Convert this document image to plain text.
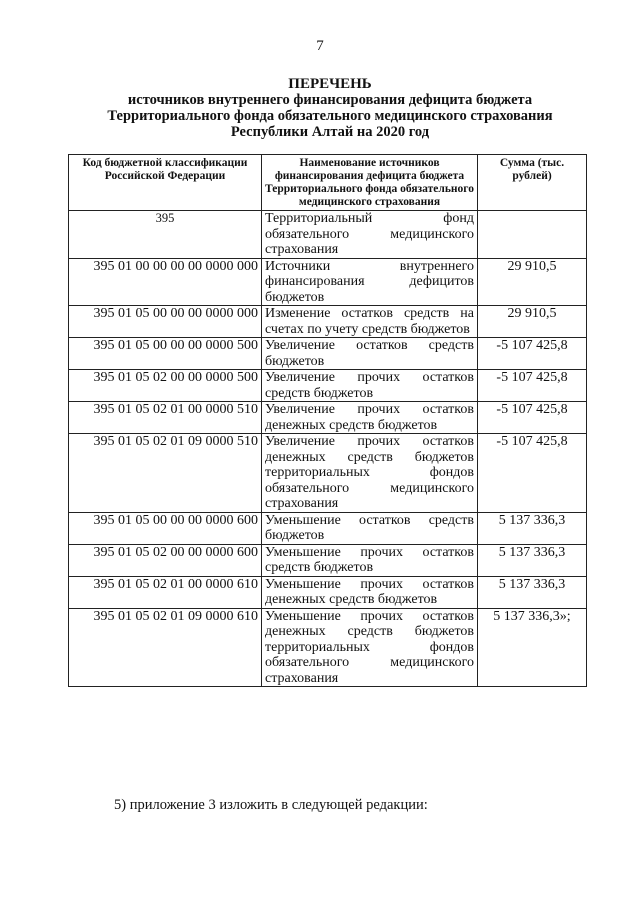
7
ПЕРЕЧЕНЬ
источников внутреннего финансирования дефицита бюджета
Территориального фонда обязательного медицинского страхования
Республики Алтай на 2020 год
Код бюджетной классификации Российской Федерации	Наименование источников финансирования дефицита бюджета Территориального фонда обязательного медицинского страхования	Сумма (тыс. рублей)
395	Территориальный фонд обязательного медицинского страхования	
395 01 00 00 00 00 0000 000	Источники внутреннего финансирования дефицитов бюджетов	29 910,5
395 01 05 00 00 00 0000 000	Изменение остатков средств на счетах по учету средств бюджетов	29 910,5
395 01 05 00 00 00 0000 500	Увеличение остатков средств бюджетов	-5 107 425,8
395 01 05 02 00 00 0000 500	Увеличение прочих остатков средств бюджетов	-5 107 425,8
395 01 05 02 01 00 0000 510	Увеличение прочих остатков денежных средств бюджетов	-5 107 425,8
395 01 05 02 01 09 0000 510	Увеличение прочих остатков денежных средств бюджетов территориальных фондов обязательного медицинского страхования	-5 107 425,8
395 01 05 00 00 00 0000 600	Уменьшение остатков средств бюджетов	5 137 336,3
395 01 05 02 00 00 0000 600	Уменьшение прочих остатков средств бюджетов	5 137 336,3
395 01 05 02 01 00 0000 610	Уменьшение прочих остатков денежных средств бюджетов	5 137 336,3
395 01 05 02 01 09 0000 610	Уменьшение прочих остатков денежных средств бюджетов территориальных фондов обязательного медицинского страхования	5 137 336,3»;
5) приложение 3 изложить в следующей редакции:
